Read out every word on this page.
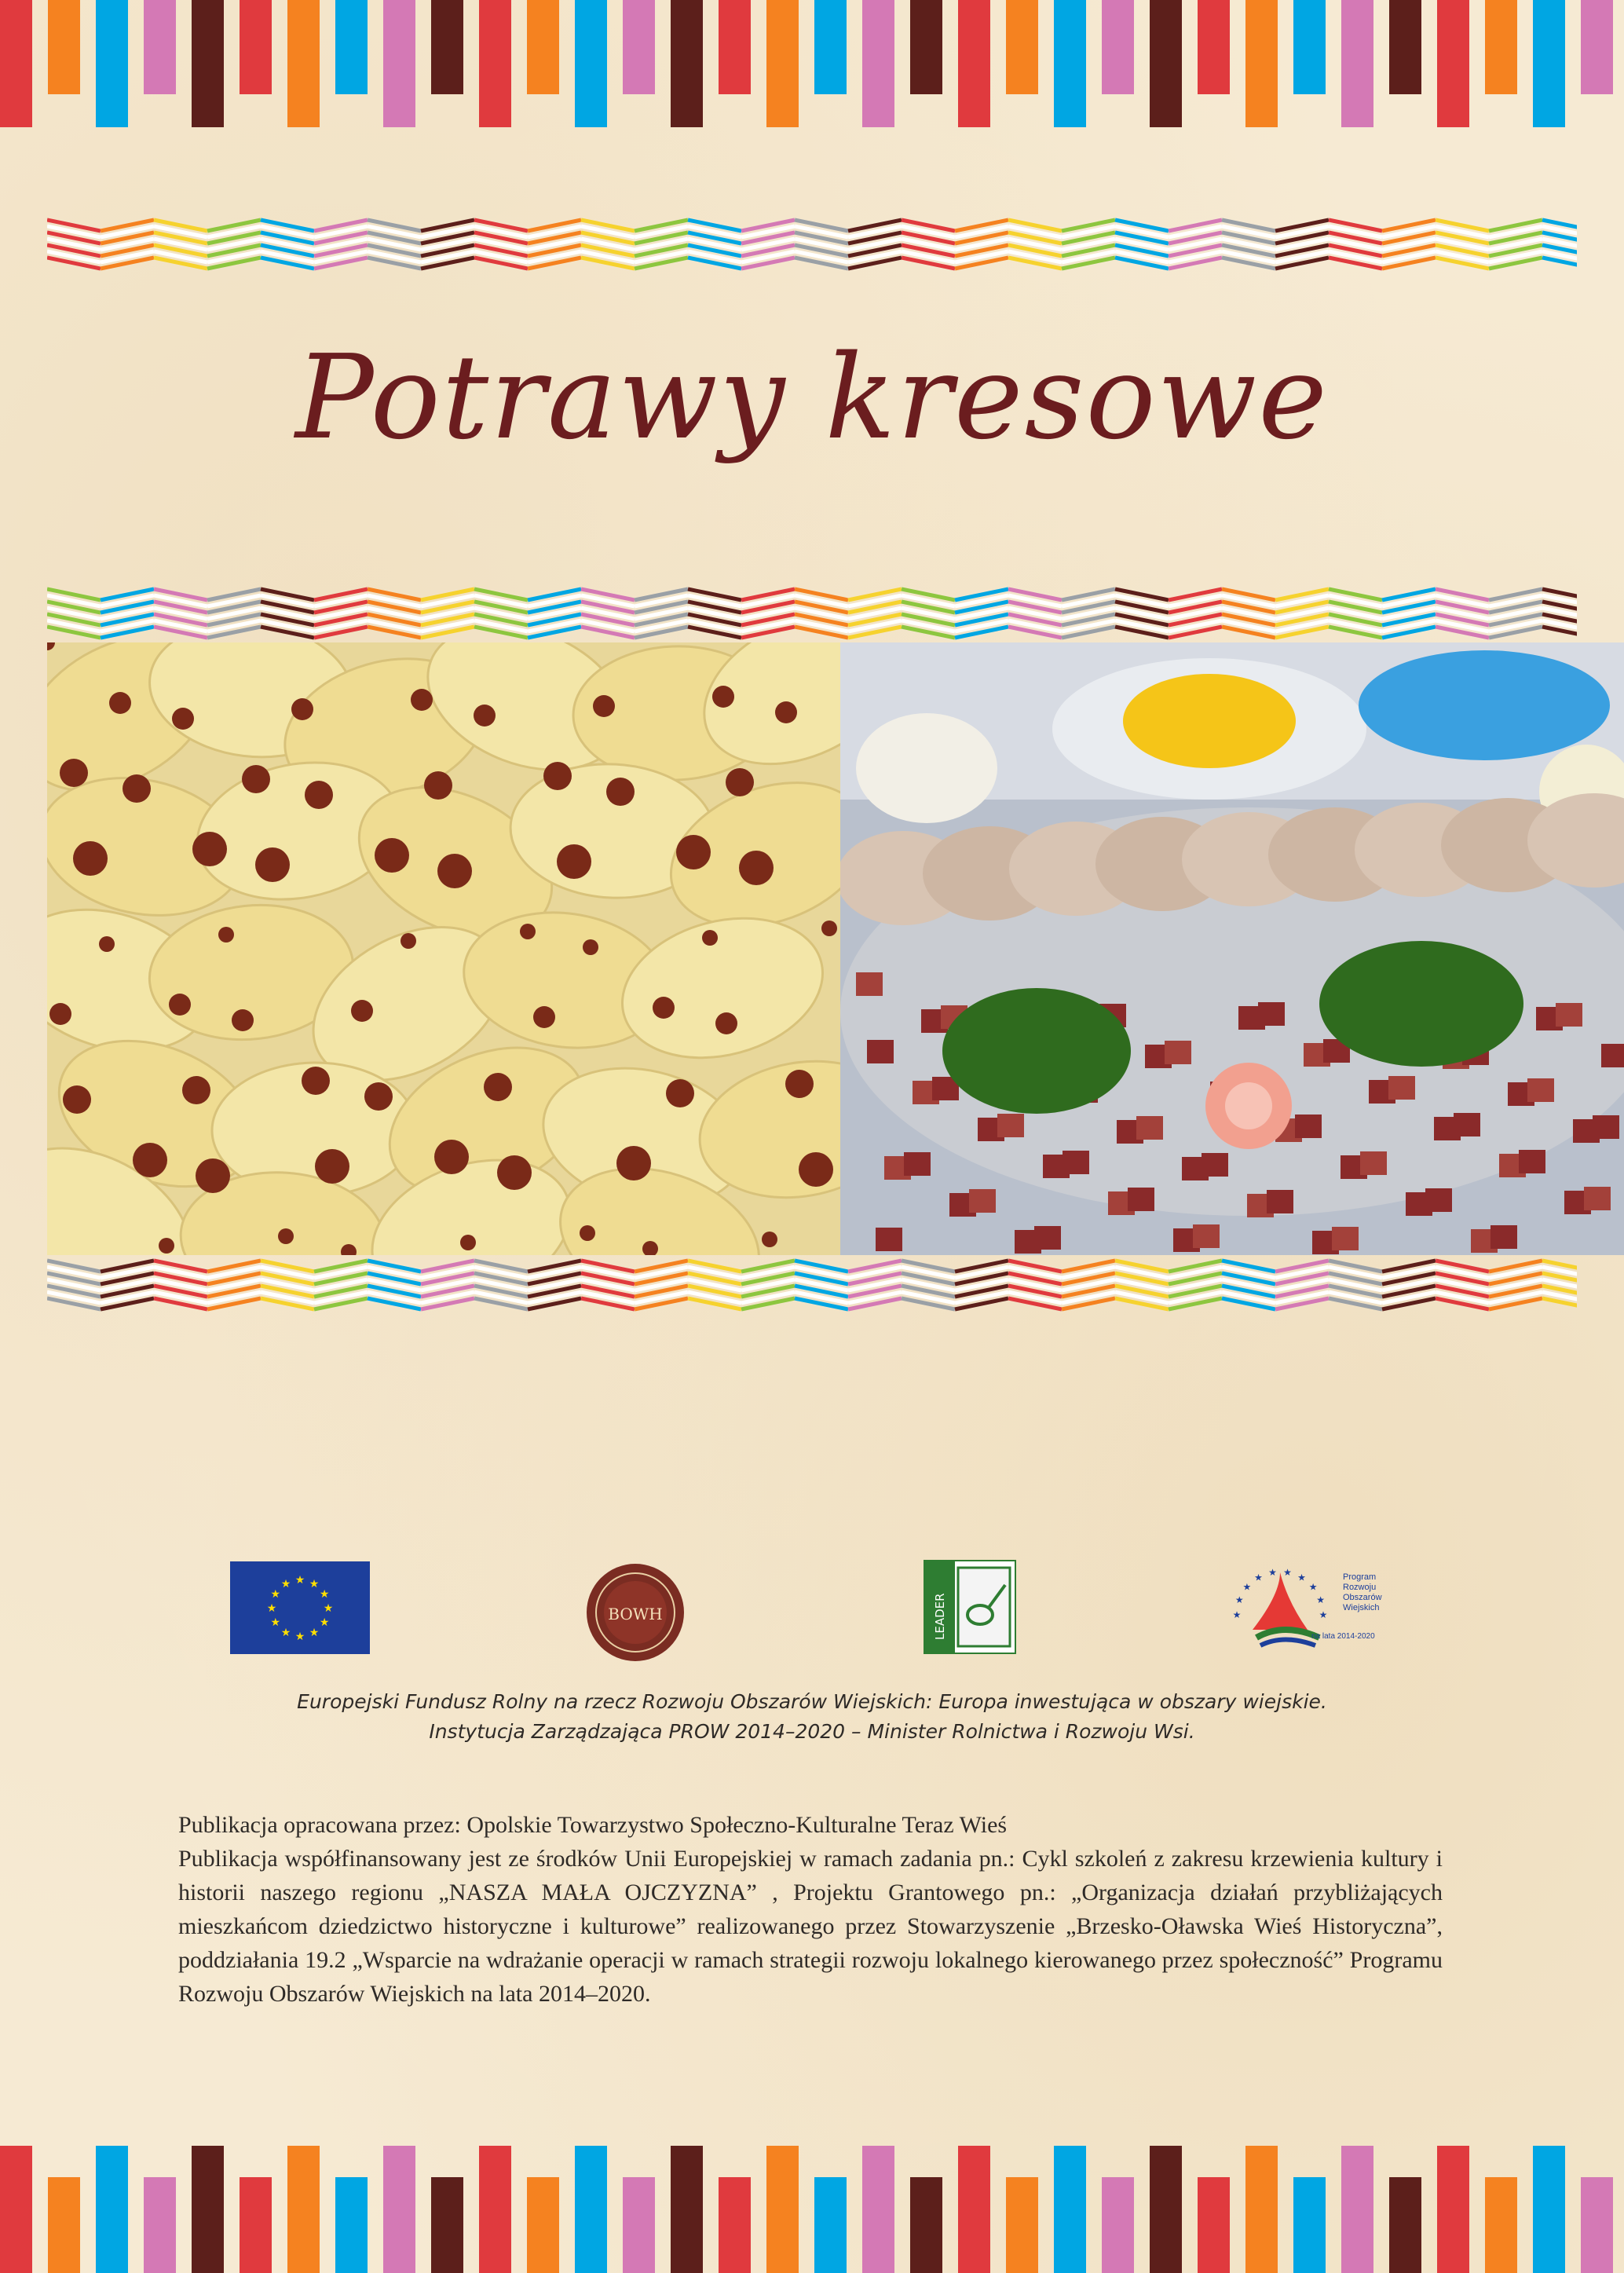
Potrawy kresowe
★
★
★
★
★
★
★
★
★ ★ ★
★
BOWH	LEADER	★
★
★
★ ★ ★ ★
★
★
★
Program
Rozwoju
Obszarów
Wiejskich
na lata 2014-2020
Europejski Fundusz Rolny na rzecz Rozwoju Obszarów Wiejskich: Europa inwestująca w obszary wiejskie.
Instytucja Zarządzająca PROW 2014–2020 – Minister Rolnictwa i Rozwoju Wsi.

Publikacja opracowana przez: Opolskie Towarzystwo Społeczno-Kulturalne Teraz Wieś

Publikacja współfinansowany jest ze środków Unii Europejskiej w ramach zadania pn.: Cykl szkoleń z zakresu krzewienia kultury i historii naszego regionu „NASZA MAŁA OJCZYZNA” , Projektu Grantowego pn.: „Organizacja działań przybliżających mieszkańcom dziedzictwo historyczne i kulturowe” realizowanego przez Stowarzyszenie „Brzesko-Oławska Wieś Historyczna”, poddziałania 19.2 „Wsparcie na wdrażanie operacji w ramach strategii rozwoju lokalnego kierowanego przez społeczność” Programu Rozwoju Obszarów Wiejskich na lata 2014–2020.
